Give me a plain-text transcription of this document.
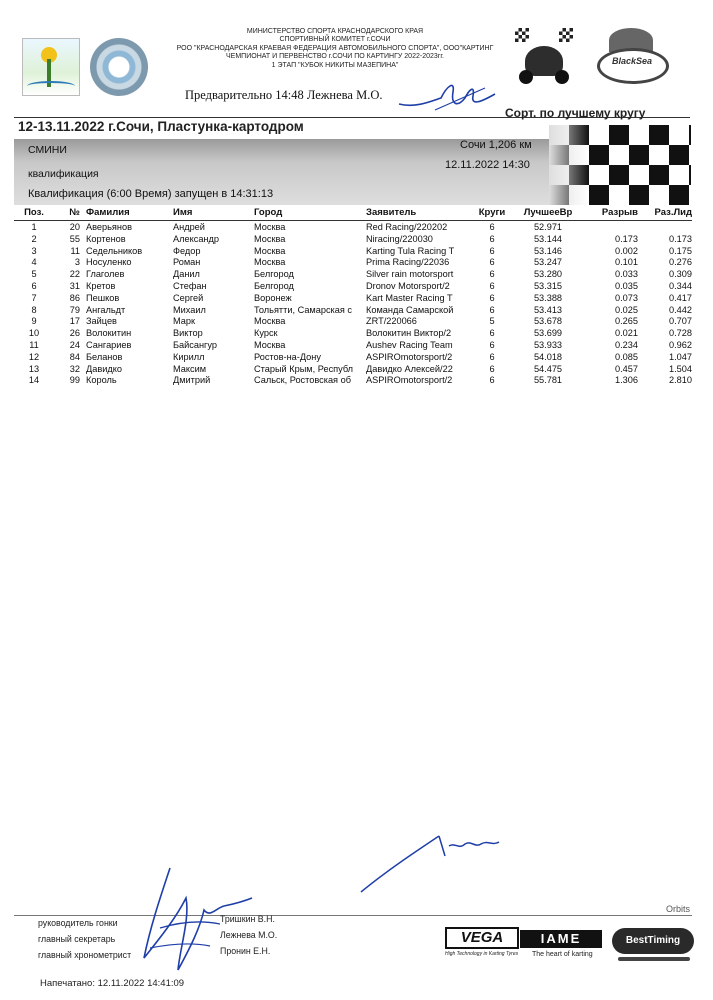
BlackSea
МИНИСТЕРСТВО СПОРТА КРАСНОДАРСКОГО КРАЯ
СПОРТИВНЫЙ КОМИТЕТ г.СОЧИ
РОО "КРАСНОДАРСКАЯ КРАЕВАЯ ФЕДЕРАЦИЯ АВТОМОБИЛЬНОГО СПОРТА", ООО"КАРТИНГ
ЧЕМПИОНАТ И ПЕРВЕНСТВО г.СОЧИ ПО КАРТИНГУ 2022-2023гг.
1 ЭТАП "КУБОК НИКИТЫ МАЗЕПИНА"
Предварительно 14:48 Лежнева М.О.
12-13.11.2022 г.Сочи, Пластунка-картодром
Сорт. по лучшему кругу
СМИНИ
квалификация
Квалификация (6:00 Время) запущен в 14:31:13
Сочи 1,206 км
12.11.2022 14:30
Поз.	№ Фамилия	Имя	Город	Заявитель	Круги	ЛучшееВр	Разрыв	Раз.Лид
1	20 Аверьянов	Андрей	Москва	Red Racing/220202	6	52.971
2	55 Кортенов	Александр	Москва	Niracing/220030	6	53.144	0.173	0.173
3	11 Седельников	Федор	Москва	Karting Tula Racing T	6	53.146	0.002	0.175
4	3 Носуленко	Роман	Москва	Prima Racing/22036	6	53.247	0.101	0.276
5	22 Глаголев	Данил	Белгород	Silver rain motorsport	6	53.280	0.033	0.309
6	31 Кретов	Стефан	Белгород	Dronov Motorsport/2	6	53.315	0.035	0.344
7	86 Пешков	Сергей	Воронеж	Kart Master Racing T	6	53.388	0.073	0.417
8	79 Ангальдт	Михаил	Тольятти, Самарская с	Команда Самарской	6	53.413	0.025	0.442
9	17 Зайцев	Марк	Москва	ZRT/220066	5	53.678	0.265	0.707
10	26 Волокитин	Виктор	Курск	Волокитин Виктор/2	6	53.699	0.021	0.728
11	24 Сангариев	Байсангур	Москва	Aushev Racing Team	6	53.933	0.234	0.962
12	84 Беланов	Кирилл	Ростов-на-Дону	ASPIROmotorsport/2	6	54.018	0.085	1.047
13	32 Давидко	Максим	Старый Крым, Республ	Давидко Алексей/22	6	54.475	0.457	1.504
14	99 Король	Дмитрий	Сальск, Ростовская об	ASPIROmotorsport/2	6	55.781	1.306	2.810
Orbits
руководитель гонки	Тришкин В.Н.
главный секретарь	Лежнева М.О.
главный хронометрист	Пронин Е.Н.
Напечатано: 12.11.2022 14:41:09
VEGA
High Technology in Karting Tyres
IAME
The heart of karting
BestTiming
